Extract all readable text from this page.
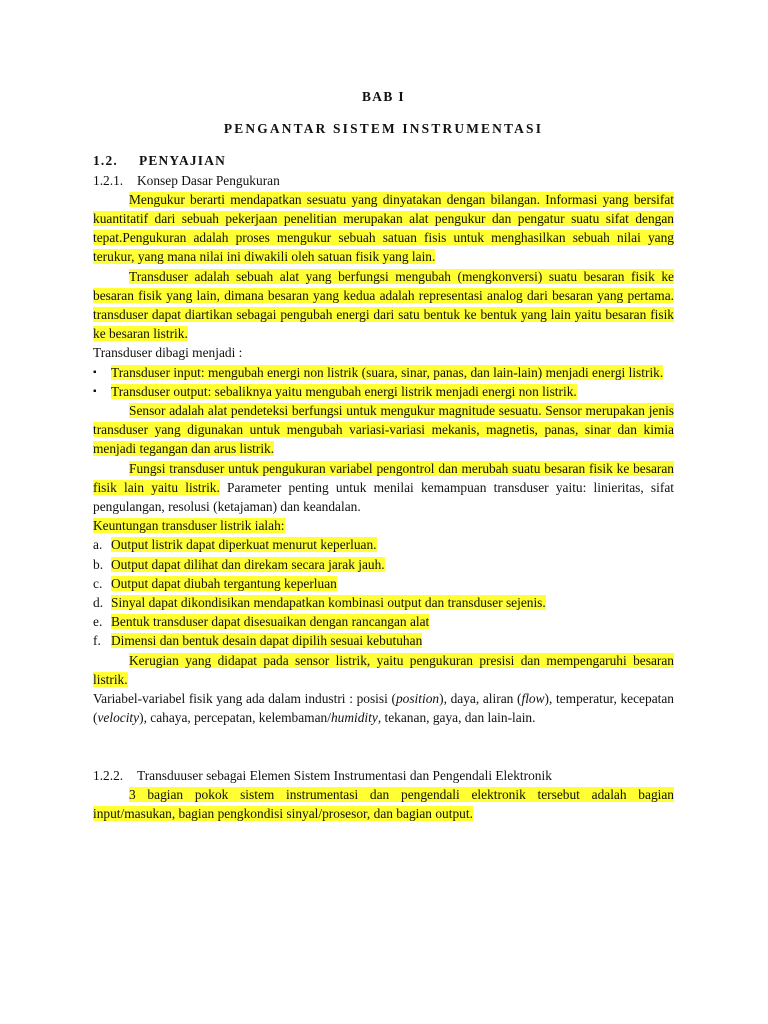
BAB I
PENGANTAR SISTEM INSTRUMENTASI
1.2. PENYAJIAN
1.2.1. Konsep Dasar Pengukuran

Mengukur berarti mendapatkan sesuatu yang dinyatakan dengan bilangan. Informasi yang bersifat kuantitatif dari sebuah pekerjaan penelitian merupakan alat pengukur dan pengatur suatu sifat dengan tepat.Pengukuran adalah proses mengukur sebuah satuan fisis untuk menghasilkan sebuah nilai yang terukur, yang mana nilai ini diwakili oleh satuan fisik yang lain.

Transduser adalah sebuah alat yang berfungsi mengubah (mengkonversi) suatu besaran fisik ke besaran fisik yang lain, dimana besaran yang kedua adalah representasi analog dari besaran yang pertama. transduser dapat diartikan sebagai pengubah energi dari satu bentuk ke bentuk yang lain yaitu besaran fisik ke besaran listrik.

Transduser dibagi menjadi :

▪ Transduser input: mengubah energi non listrik (suara, sinar, panas, dan lain-lain) menjadi energi listrik.
▪ Transduser output: sebaliknya yaitu mengubah energi listrik menjadi energi non listrik.

Sensor adalah alat pendeteksi berfungsi untuk mengukur magnitude sesuatu. Sensor merupakan jenis transduser yang digunakan untuk mengubah variasi-variasi mekanis, magnetis, panas, sinar dan kimia menjadi tegangan dan arus listrik.

Fungsi transduser untuk pengukuran variabel pengontrol dan merubah suatu besaran fisik ke besaran fisik lain yaitu listrik. Parameter penting untuk menilai kemampuan transduser yaitu: linieritas, sifat pengulangan, resolusi (ketajaman) dan keandalan.

Keuntungan transduser listrik ialah:

a. Output listrik dapat diperkuat menurut keperluan.
b. Output dapat dilihat dan direkam secara jarak jauh.
c. Output dapat diubah tergantung keperluan
d. Sinyal dapat dikondisikan mendapatkan kombinasi output dan transduser sejenis.
e. Bentuk transduser dapat disesuaikan dengan rancangan alat
f. Dimensi dan bentuk desain dapat dipilih sesuai kebutuhan

Kerugian yang didapat pada sensor listrik, yaitu pengukuran presisi dan mempengaruhi besaran listrik.

Variabel-variabel fisik yang ada dalam industri : posisi (position), daya, aliran (flow), temperatur, kecepatan (velocity), cahaya, percepatan, kelembaman/humidity, tekanan, gaya, dan lain-lain.

1.2.2. Transduuser sebagai Elemen Sistem Instrumentasi dan Pengendali Elektronik

3 bagian pokok sistem instrumentasi dan pengendali elektronik tersebut adalah bagian input/masukan, bagian pengkondisi sinyal/prosesor, dan bagian output.
